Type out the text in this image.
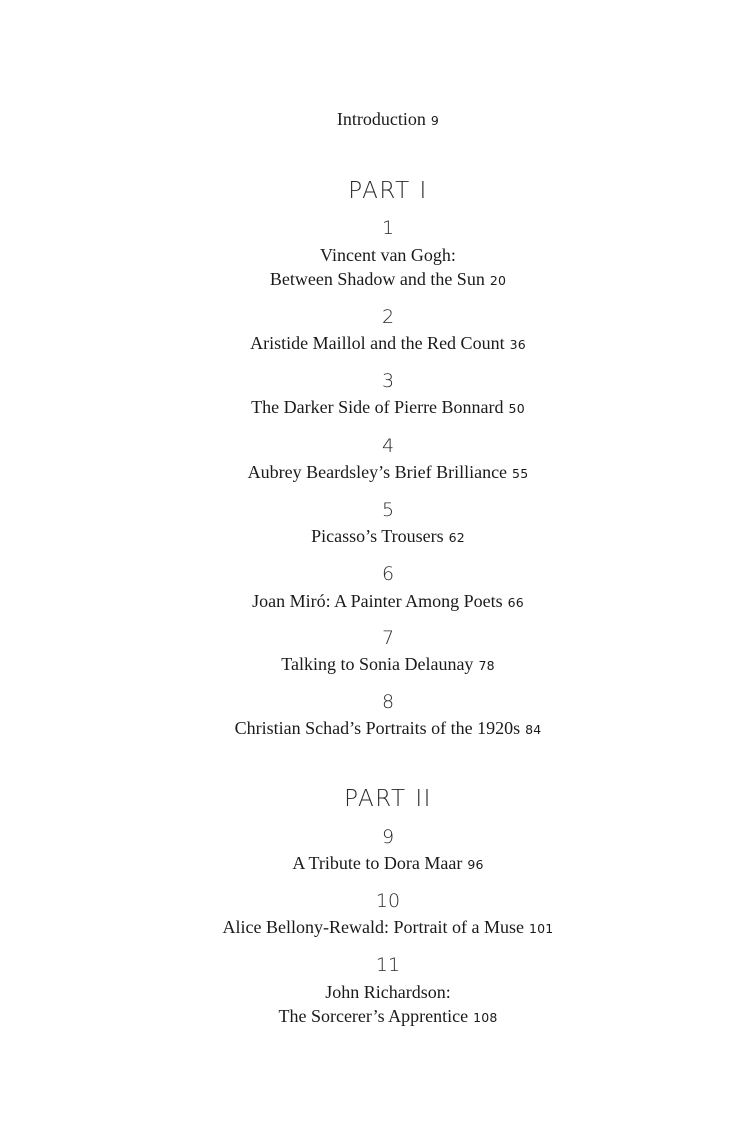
Introduction 9
PART I
1
Vincent van Gogh:
Between Shadow and the Sun 20
2
Aristide Maillol and the Red Count 36
3
The Darker Side of Pierre Bonnard 50
4
Aubrey Beardsley’s Brief Brilliance 55
5
Picasso’s Trousers 62
6
Joan Miró: A Painter Among Poets 66
7
Talking to Sonia Delaunay 78
8
Christian Schad’s Portraits of the 1920s 84
PART II
9
A Tribute to Dora Maar 96
10
Alice Bellony-Rewald: Portrait of a Muse 101
11
John Richardson:
The Sorcerer’s Apprentice 108
